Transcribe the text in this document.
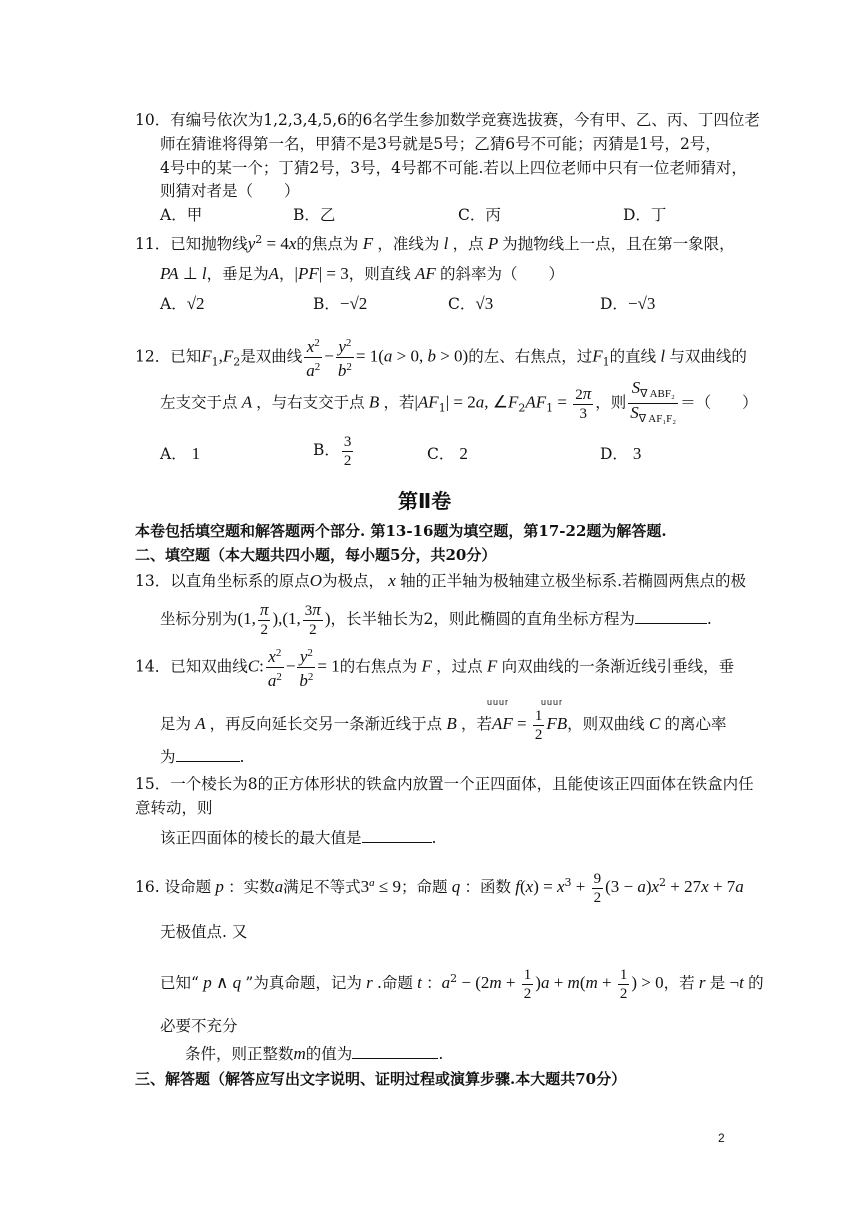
10．有编号依次为1,2,3,4,5,6的6名学生参加数学竞赛选拔赛，今有甲、乙、丙、丁四位老
师在猜谁将得第一名，甲猜不是3号就是5号；乙猜6号不可能；丙猜是1号，2号，
4号中的某一个；丁猜2号，3号，4号都不可能.若以上四位老师中只有一位老师猜对，
则猜对者是（　　）
A．甲	B．乙	C．丙	D．丁
11．已知抛物线$y^2 = 4x$的焦点为 F ，准线为 l ，点 P 为抛物线上一点，且在第一象限，
PA ⊥ l，垂足为A，|PF| = 3，则直线 AF 的斜率为（　　）
A．√2	B．−√2	C．√3	D．−√3
12．已知$F_1,F_2$是双曲线 $\frac{x^2}{a^2} - \frac{y^2}{b^2} = 1(a > 0$, b > 0)的左、右焦点，过$F_1$的直线 l 与双曲线的
左支交于点 A ，与右支交于点 B ，若$|AF_1| = 2a$, $\angle F_2AF_1 = \frac{2\pi}{3}$ ，则 $\frac{S_{\nabla ABF_2}}{S_{\nabla AF_1F_2}}$ ＝（　　）
A． 1	B． $\frac{3}{2}$	C． 2	D． 3
第Ⅱ卷
本卷包括填空题和解答题两个部分. 第13-16题为填空题，第17-22题为解答题.
二、填空题（本大题共四小题，每小题5分，共20分）
13．以直角坐标系的原点O为极点， x 轴的正半轴为极轴建立极坐标系.若椭圆两焦点的极
坐标分别为(1, $\frac{\pi}{2} ),(1$, $\frac{3\pi}{2}$ )，长半轴长为2，则此椭圆的直角坐标方程为	.
14．已知双曲线C: $\frac{x^2}{a^2} - \frac{y^2}{b^2} = 1$的右焦点为 F ，过点 F 向双曲线的一条渐近线引垂线，垂
uuur	uuur
足为 A ，再反向延长交另一条渐近线于点 B ，若AF = $\frac{1}{2}$ FB，则双曲线 C 的离心率
为	.
15．一个棱长为8的正方体形状的铁盒内放置一个正四面体，且能使该正四面体在铁盒内任
意转动，则
该正四面体的棱长的最大值是	.
16. 设命题 p ：实数a满足不等式$3^a \le 9$；命题 q ：函数 $f(x) = x^3 + \frac{9}{2} (3 - a)x^2 + 27x + 7a$
无极值点. 又
已知“ p ∧ q ”为真命题，记为 r .命题 t ：$a^2 - (2m + \frac{1}{2} )a + m(m + \frac{1}{2}$ ) > 0，若 r 是 ¬t 的
必要不充分
条件，则正整数m的值为	.
三、解答题（解答应写出文字说明、证明过程或演算步骤.本大题共70分）
2
